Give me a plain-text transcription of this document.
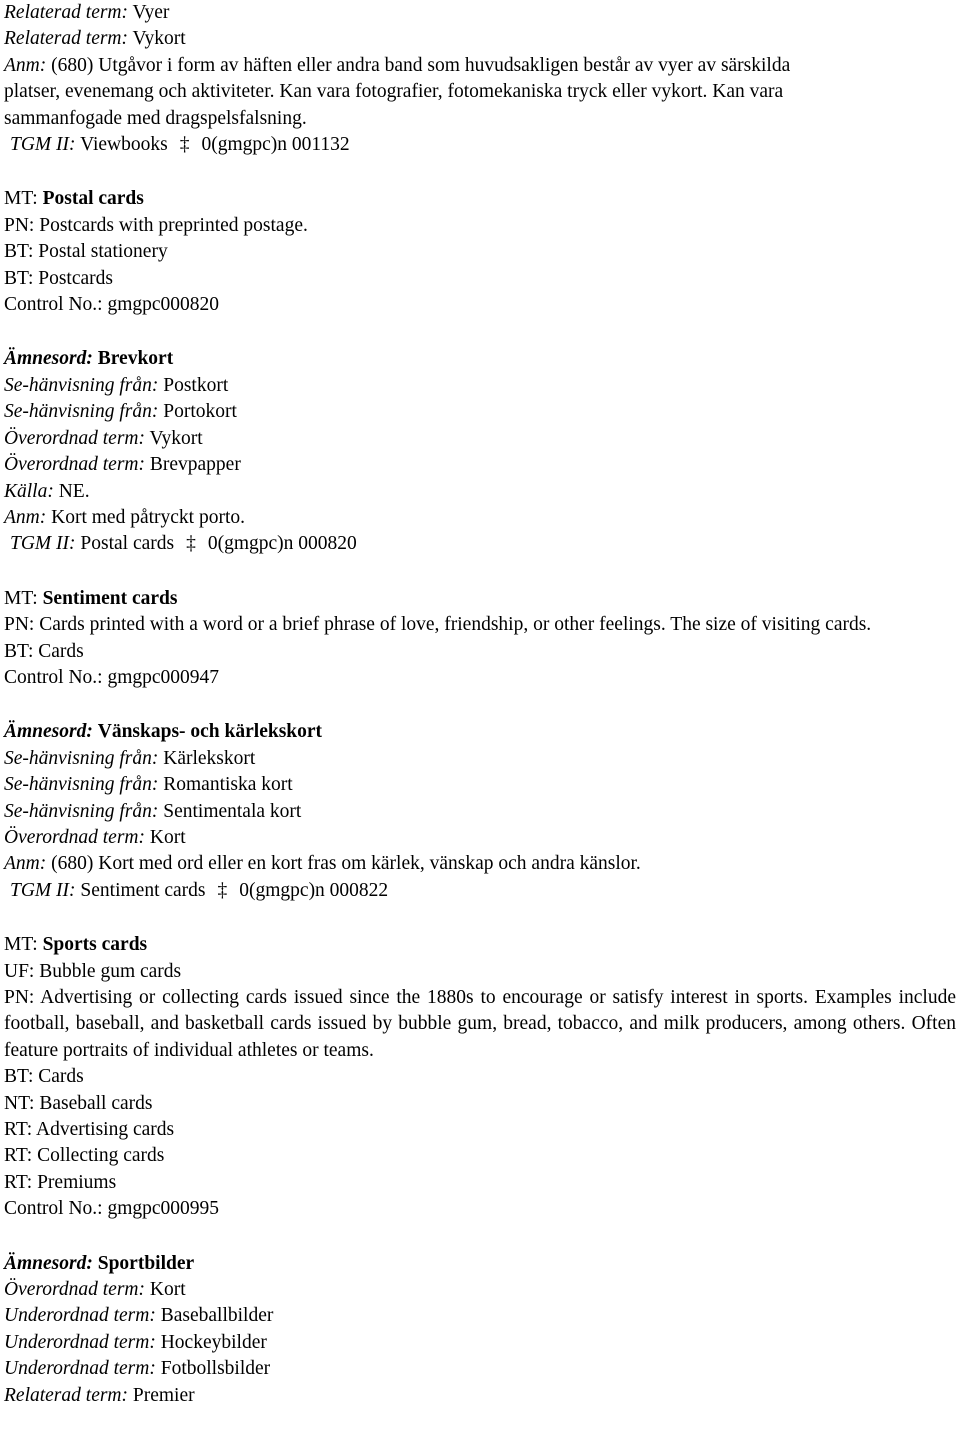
Relaterad term: Vyer
Relaterad term: Vykort
Anm: (680) Utgåvor i form av häften eller andra band som huvudsakligen består av vyer av särskilda
platser, evenemang och aktiviteter. Kan vara fotografier, fotomekaniska tryck eller vykort. Kan vara
sammanfogade med dragspelsfalsning.
TGM II: Viewbooks ‡ 0(gmgpc)n 001132
MT: Postal cards
PN: Postcards with preprinted postage.
BT: Postal stationery
BT: Postcards
Control No.: gmgpc000820
Ämnesord: Brevkort
Se-hänvisning från: Postkort
Se-hänvisning från: Portokort
Överordnad term: Vykort
Överordnad term: Brevpapper
Källa: NE.
Anm: Kort med påtryckt porto.
TGM II: Postal cards ‡ 0(gmgpc)n 000820
MT: Sentiment cards
PN: Cards printed with a word or a brief phrase of love, friendship, or other feelings. The size of visiting cards.
BT: Cards
Control No.: gmgpc000947
Ämnesord: Vänskaps- och kärlekskort
Se-hänvisning från: Kärlekskort
Se-hänvisning från: Romantiska kort
Se-hänvisning från: Sentimentala kort
Överordnad term: Kort
Anm: (680) Kort med ord eller en kort fras om kärlek, vänskap och andra känslor.
TGM II: Sentiment cards ‡ 0(gmgpc)n 000822
MT: Sports cards
UF: Bubble gum cards
PN: Advertising or collecting cards issued since the 1880s to encourage or satisfy interest in sports. Examples include football, baseball, and basketball cards issued by bubble gum, bread, tobacco, and milk producers, among others. Often feature portraits of individual athletes or teams.
BT: Cards
NT: Baseball cards
RT: Advertising cards
RT: Collecting cards
RT: Premiums
Control No.: gmgpc000995
Ämnesord: Sportbilder
Överordnad term: Kort
Underordnad term: Baseballbilder
Underordnad term: Hockeybilder
Underordnad term: Fotbollsbilder
Relaterad term: Premier
